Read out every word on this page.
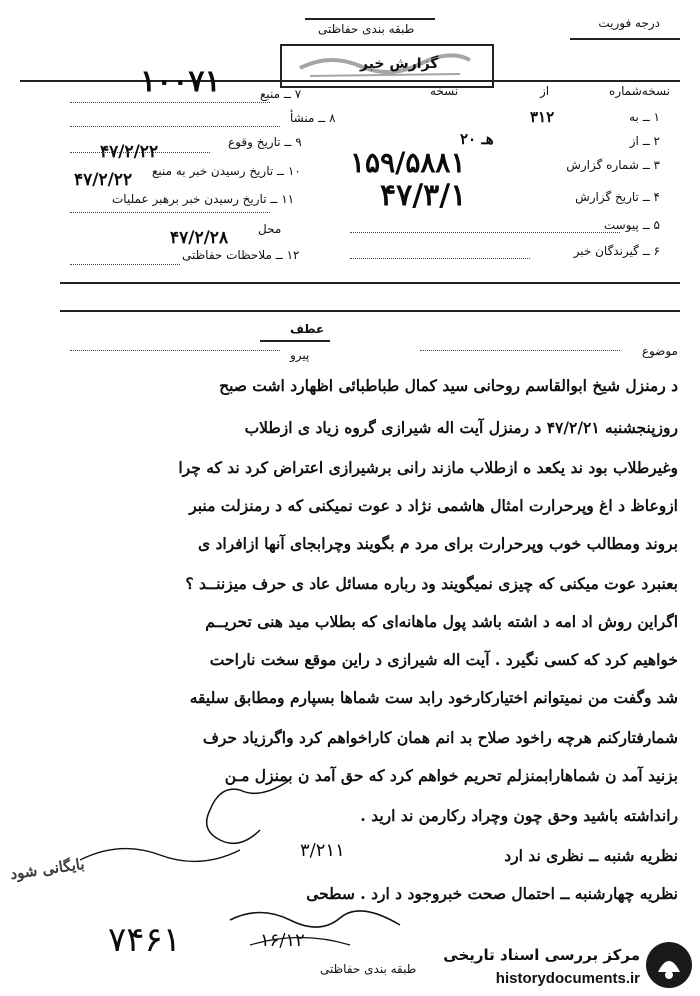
درجه فوریت
طبقه بندی حفاظتی
گزارش خبر
نسخه‌شماره
از
نسخه
۱۰۰۷۱	۷ ــ منبع
۸ ــ منشأ
۹ ــ تاریخ وقوع
۴۷/۲/۲۲
۱۰ ــ تاریخ رسیدن خبر به منبع
۴۷/۲/۲۲
۱۱ ــ تاریخ رسیدن خبر برهبر عملیات
محل
۴۷/۲/۲۸
۱۲ ــ ملاحظات حفاظتی
۱ ــ به
۳۱۲
۲ ــ از
۲۰ هـ
۳ ــ شماره گزارش
۱۵۹/۵۸۸۱
۴ ــ تاریخ گزارش
۴۷/۳/۱
۵ ــ پیوست
۶ ــ گیرندگان خبر
موضوع
عطف
پیرو
د رمنزل شیخ ابوالقاسم روحانی سید کمال طباطبائی اظهارد اشت صبح
روزپنجشنبه ۴۷/۲/۲۱ د رمنزل آیت اله شیرازی گروه زیاد ی ازطلاب
وغیرطلاب بود ند یکعد ه ازطلاب مازند رانی برشیرازی اعتراض کرد ند که چرا
ازوعاظ د اغ وپرحرارت امثال هاشمی نژاد د عوت نمیکنی که د رمنزلت منبر
بروند ومطالب خوب وپرحرارت برای مرد م بگویند وچرابجای آنها ازافراد ی
بعنبرد عوت میکنی که چیزی نمیگویند ود رباره مسائل عاد ی حرف میزننــد ؟
اگراین روش اد امه د اشته باشد پول ماهانه‌ای که بطلاب مید هنی تحریــم
خواهیم کرد که کسی نگیرد . آیت اله شیرازی د راین موقع سخت ناراحت
شد وگفت من نمیتوانم اختیارکارخود رابد ست شماها بسپارم ومطابق سلیقه
شمارفتارکنم هرچه راخود صلاح بد انم همان کاراخواهم کرد واگرزیاد حرف
بزنید آمد ن شماهارابمنزلم تحریم خواهم کرد که حق آمد ن بمنزل مـن
رانداشته باشید وحق چون وچراد رکارمن ند ارید .
نظریه شنبه ــ نظری ند ارد
نظریه چهارشنبه ــ احتمال صحت خبروجود د ارد . سطحی
بایگانی شود
۳/۲۱۱
۷۴۶۱	۱۶/۱۲
طبقه بندی حفاظتی
مرکز بررسی اسناد تاریخی
historydocuments.ir
